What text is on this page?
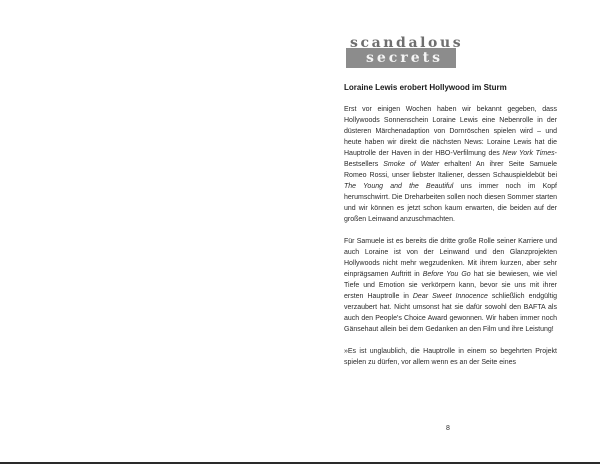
scandalous
secrets
Loraine Lewis erobert Hollywood im Sturm

Erst vor einigen Wochen haben wir bekannt gegeben, dass Hollywoods Sonnenschein Loraine Lewis eine Nebenrolle in der düsteren Märchenadaption von Dornröschen spielen wird – und heute haben wir direkt die nächsten News: Loraine Lewis hat die Hauptrolle der Haven in der HBO-Verfilmung des New York Times-Bestsellers Smoke of Water erhalten! An ihrer Seite Samuele Romeo Rossi, unser liebster Italiener, dessen Schauspieldebüt bei The Young and the Beautiful uns immer noch im Kopf herumschwirrt. Die Dreharbeiten sollen noch diesen Sommer starten und wir können es jetzt schon kaum erwarten, die beiden auf der großen Leinwand anzuschmachten.

Für Samuele ist es bereits die dritte große Rolle seiner Karriere und auch Loraine ist von der Leinwand und den Glanzprojekten Hollywoods nicht mehr wegzudenken. Mit ihrem kurzen, aber sehr einprägsamen Auftritt in Before You Go hat sie bewiesen, wie viel Tiefe und Emotion sie verkörpern kann, bevor sie uns mit ihrer ersten Hauptrolle in Dear Sweet Innocence schließlich endgültig verzaubert hat. Nicht umsonst hat sie dafür sowohl den BAFTA als auch den People's Choice Award gewonnen. Wir haben immer noch Gänsehaut allein bei dem Gedanken an den Film und ihre Leistung!

»Es ist unglaublich, die Hauptrolle in einem so begehrten Projekt spielen zu dürfen, vor allem wenn es an der Seite eines

8
